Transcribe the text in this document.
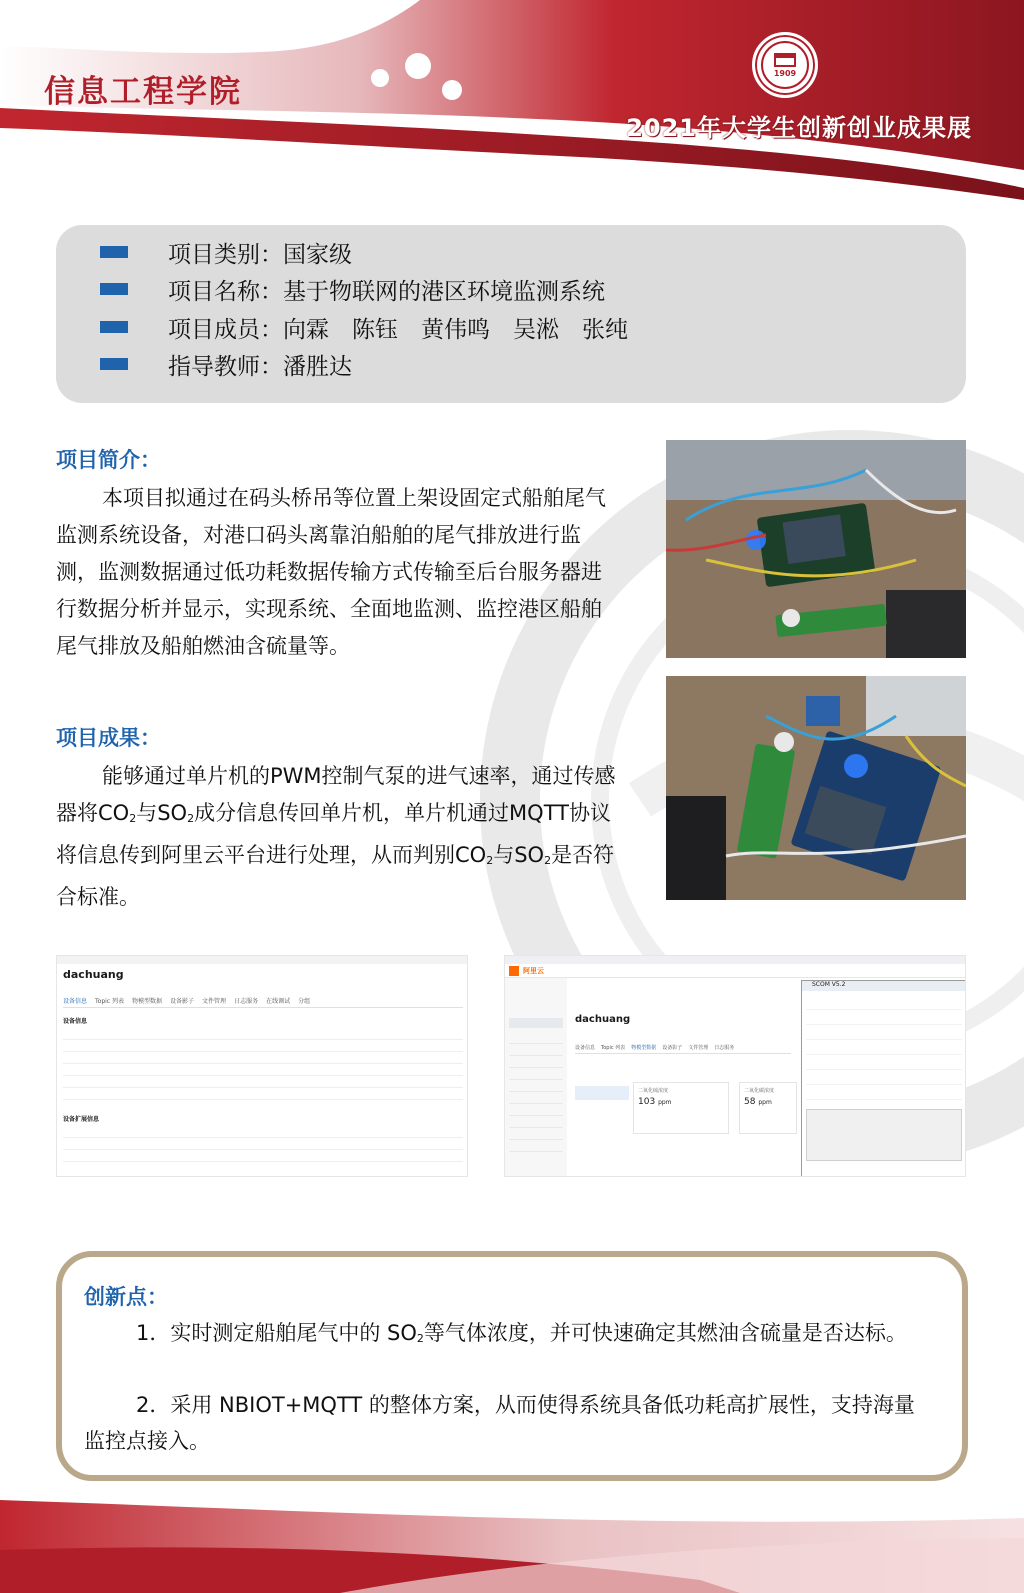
信息工程学院
1909
2021年大学生创新创业成果展
项目类别：国家级
项目名称：基于物联网的港区环境监测系统
项目成员：向霖　陈钰　黄伟鸣　吴淞　张纯
指导教师：潘胜达
项目简介：
本项目拟通过在码头桥吊等位置上架设固定式船舶尾气监测系统设备，对港口码头离靠泊船舶的尾气排放进行监测，监测数据通过低功耗数据传输方式传输至后台服务器进行数据分析并显示，实现系统、全面地监测、监控港区船舶尾气排放及船舶燃油含硫量等。
项目成果：
能够通过单片机的PWM控制气泵的进气速率，通过传感器将$CO_2$与$SO_2$成分信息传回单片机，单片机通过MQTT协议将信息传到阿里云平台进行处理，从而判别$CO_2$与$SO_2$是否符合标准。
dachuang
设备信息 Topic 列表 物模型数据 设备影子 文件管理 日志服务 在线调试 分组
设备信息
设备扩展信息
阿里云
dachuang
设备信息 Topic 列表 物模型数据 设备影子 文件管理 日志服务
二氧化硫浓度
103 ppm
二氧化碳浓度
58 ppm
SCOM V5.2
创新点：
1．实时测定船舶尾气中的 $SO_2$等气体浓度，并可快速确定其燃油含硫量是否达标。
2．采用 NBIOT+MQTT 的整体方案，从而使得系统具备低功耗高扩展性，支持海量监控点接入。
